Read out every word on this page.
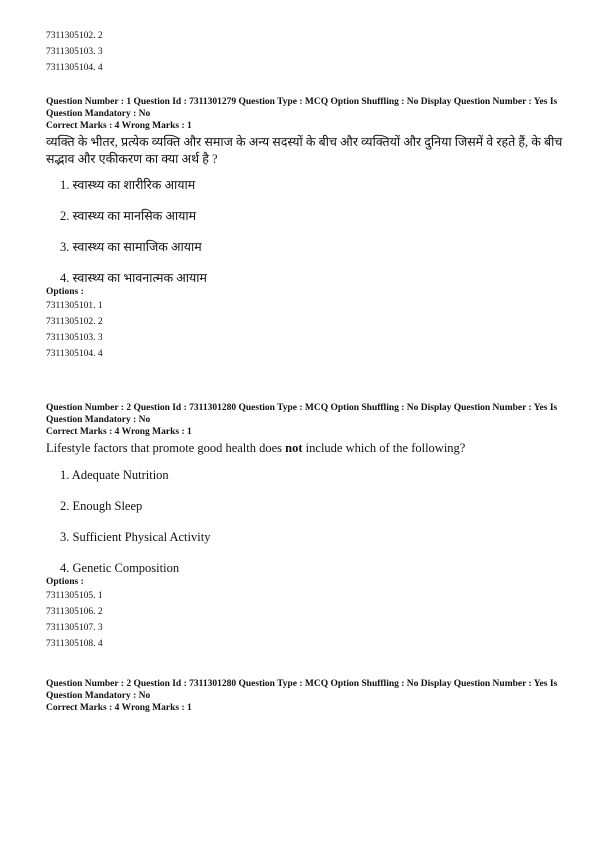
7311305102. 2
7311305103. 3
7311305104. 4
Question Number : 1 Question Id : 7311301279 Question Type : MCQ Option Shuffling : No Display Question Number : Yes Is Question Mandatory : No
Correct Marks : 4 Wrong Marks : 1
व्यक्ति के भीतर, प्रत्येक व्यक्ति और समाज के अन्य सदस्यों के बीच और व्यक्तियों और दुनिया जिसमें वे रहते हैं, के बीच सद्भाव और एकीकरण का क्या अर्थ है ?
1. स्वास्थ्य का शारीरिक आयाम
2. स्वास्थ्य का मानसिक आयाम
3. स्वास्थ्य का सामाजिक आयाम
4. स्वास्थ्य का भावनात्मक आयाम
Options :
7311305101. 1
7311305102. 2
7311305103. 3
7311305104. 4
Question Number : 2 Question Id : 7311301280 Question Type : MCQ Option Shuffling : No Display Question Number : Yes Is Question Mandatory : No
Correct Marks : 4 Wrong Marks : 1
Lifestyle factors that promote good health does not include which of the following?
1. Adequate Nutrition
2. Enough Sleep
3. Sufficient Physical Activity
4. Genetic Composition
Options :
7311305105. 1
7311305106. 2
7311305107. 3
7311305108. 4
Question Number : 2 Question Id : 7311301280 Question Type : MCQ Option Shuffling : No Display Question Number : Yes Is Question Mandatory : No
Correct Marks : 4 Wrong Marks : 1
